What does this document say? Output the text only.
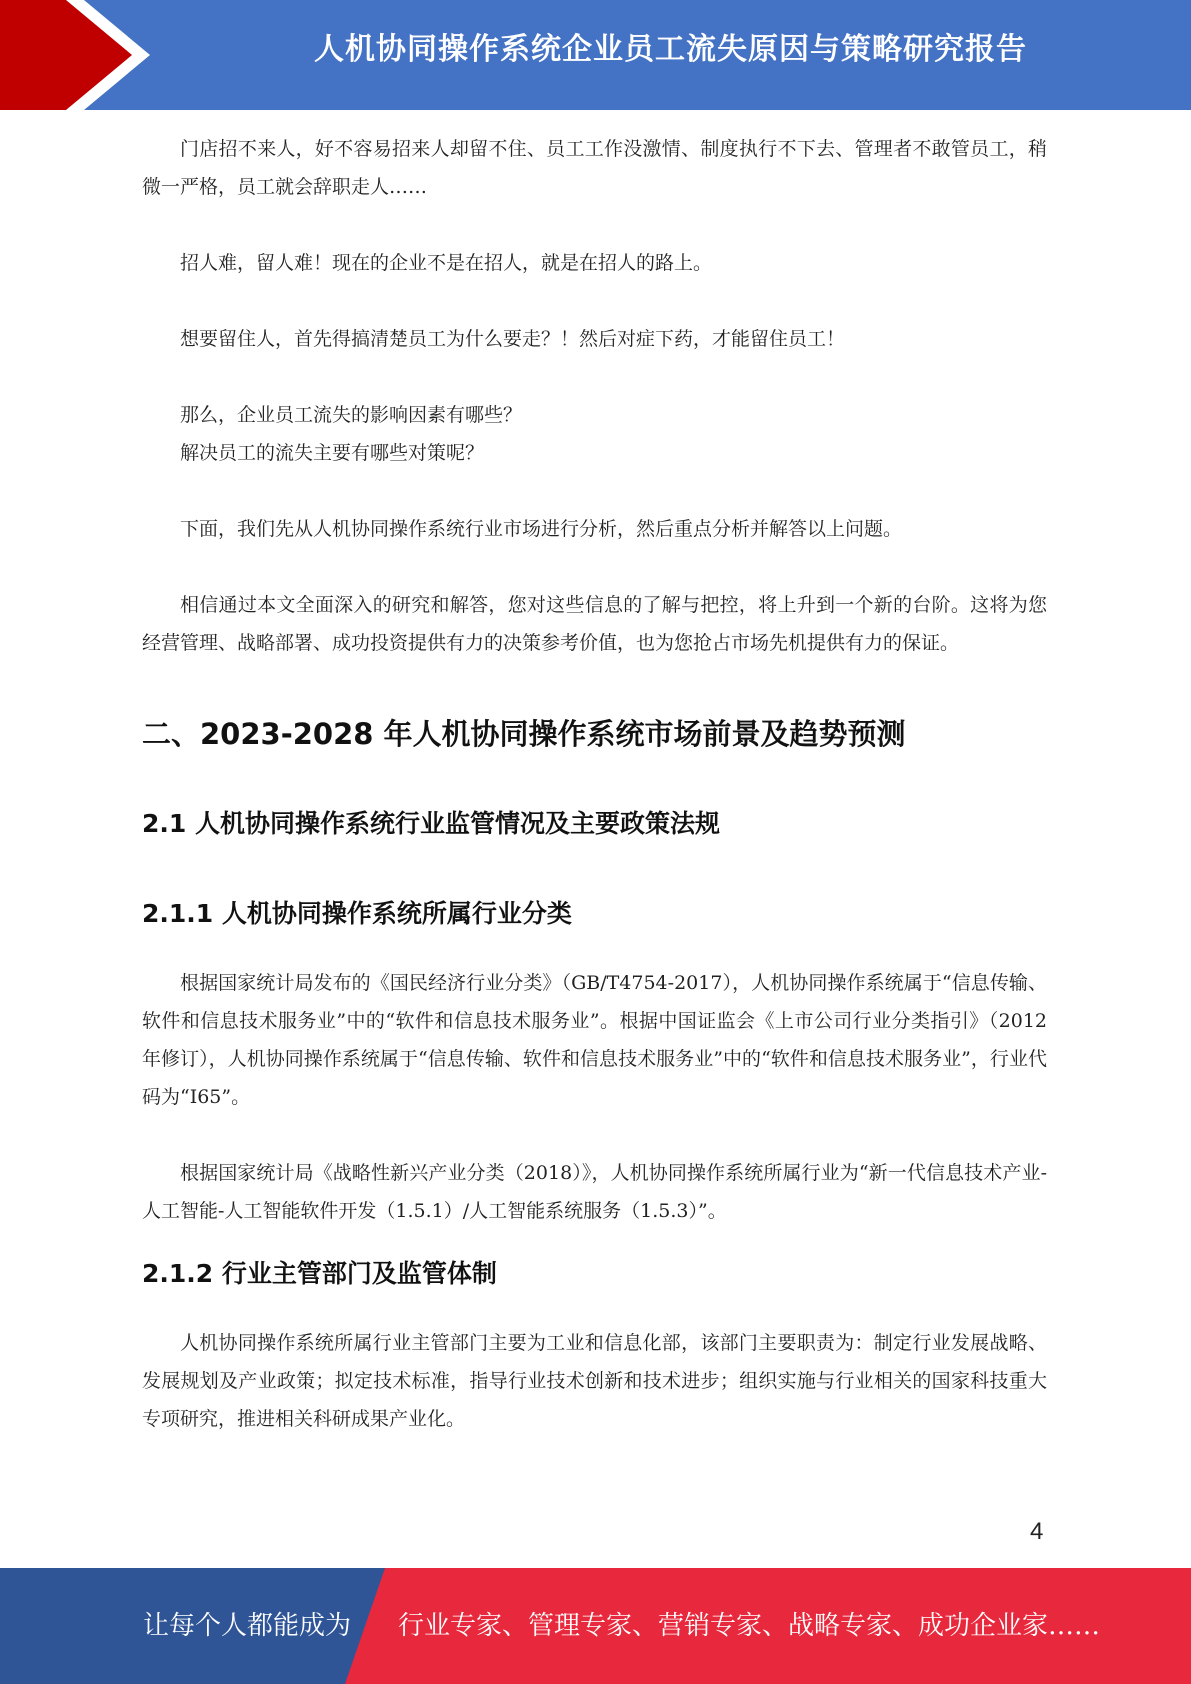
人机协同操作系统企业员工流失原因与策略研究报告

门店招不来人，好不容易招来人却留不住、员工工作没激情、制度执行不下去、管理者不敢管员工，稍微一严格，员工就会辞职走人……

招人难，留人难！现在的企业不是在招人，就是在招人的路上。

想要留住人，首先得搞清楚员工为什么要走？！然后对症下药，才能留住员工！

那么，企业员工流失的影响因素有哪些？

解决员工的流失主要有哪些对策呢？

下面，我们先从人机协同操作系统行业市场进行分析，然后重点分析并解答以上问题。

相信通过本文全面深入的研究和解答，您对这些信息的了解与把控，将上升到一个新的台阶。这将为您经营管理、战略部署、成功投资提供有力的决策参考价值，也为您抢占市场先机提供有力的保证。

二、2023-2028 年人机协同操作系统市场前景及趋势预测
2.1 人机协同操作系统行业监管情况及主要政策法规
2.1.1 人机协同操作系统所属行业分类

根据国家统计局发布的《国民经济行业分类》（GB/T4754-2017），人机协同操作系统属于“信息传输、软件和信息技术服务业”中的“软件和信息技术服务业”。根据中国证监会《上市公司行业分类指引》（2012 年修订），人机协同操作系统属于“信息传输、软件和信息技术服务业”中的“软件和信息技术服务业”，行业代码为“I65”。

根据国家统计局《战略性新兴产业分类（2018）》，人机协同操作系统所属行业为“新一代信息技术产业-人工智能-人工智能软件开发（1.5.1）/人工智能系统服务（1.5.3）”。

2.1.2 行业主管部门及监管体制

人机协同操作系统所属行业主管部门主要为工业和信息化部，该部门主要职责为：制定行业发展战略、发展规划及产业政策；拟定技术标准，指导行业技术创新和技术进步；组织实施与行业相关的国家科技重大专项研究，推进相关科研成果产业化。

4
让每个人都能成为 行业专家、管理专家、营销专家、战略专家、成功企业家……
